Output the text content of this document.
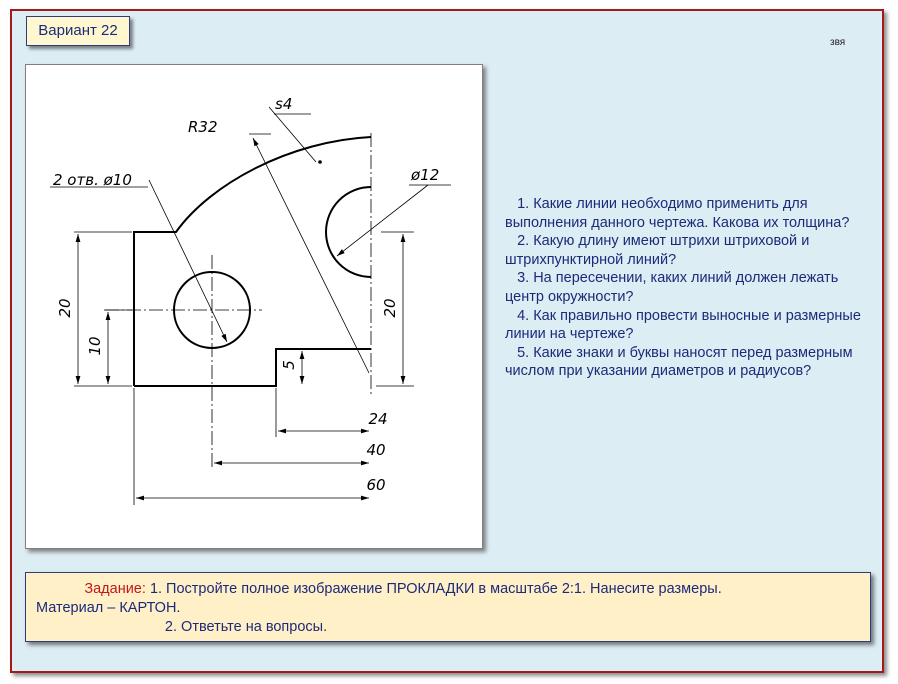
Вариант 22
звя
s4
R32
2 отв. ø10	ø12
20
10
5
20
24
40
60

1. Какие линии необходимо применить для выполнения данного чертежа. Какова их толщина?

2. Какую длину имеют штрихи штриховой и штрихпунктирной линий?

3. На пересечении, каких линий должен лежать центр окружности?

4. Как правильно провести выносные и размерные линии на чертеже?

5. Какие знаки и буквы наносят перед размерным числом при указании диаметров и радиусов?

Задание: 1. Постройте полное изображение ПРОКЛАДКИ в масштабе 2:1. Нанесите размеры.
Материал – КАРТОН.
2. Ответьте на вопросы.
